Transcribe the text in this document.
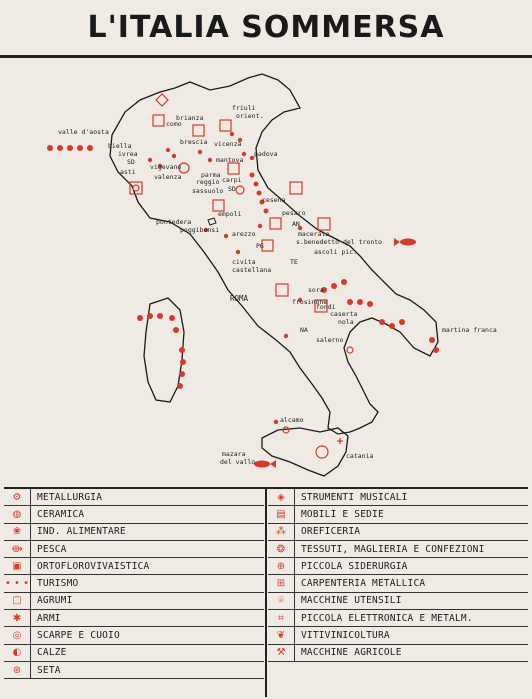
L'ITALIA SOMMERSA
valle d'aosta
biella
ivrea
como
brianza
friuli
orient.
brescia vicenza
SD
vigevano
asti
valenza
mantova
padova
parma
reggio carpi
SD
sassuolo
cesena
pesaro
AN
pontedera
empoli
poggibonsi arezzo
PG
macerata
s.benedetto del tronto
ascoli pic.
TE
civita
castellana
ROMA
sora
frosinone
fondi
caserta
nola
NA
salerno
martina franca
alcamo
mazara
del vallo
catania
⚙	METALLURGIA
◍	CERAMICA
❀	IND. ALIMENTARE
⟴	PESCA
▣	ORTOFLOROVIVAISTICA
• • • TURISMO
▢	AGRUMI
✱	ARMI
◎	SCARPE E CUOIO
◐	CALZE
⊛	SETA
◈	STRUMENTI MUSICALI
▤	MOBILI E SEDIE
⁂	OREFICERIA
❂	TESSUTI, MAGLIERIA E CONFEZIONI
⊕	PICCOLA SIDERURGIA
⊞	CARPENTERIA METALLICA
⌾	MACCHINE UTENSILI
⌗	PICCOLA ELETTRONICA E METALM.
❦	VITIVINICOLTURA
⚒	MACCHINE AGRICOLE
